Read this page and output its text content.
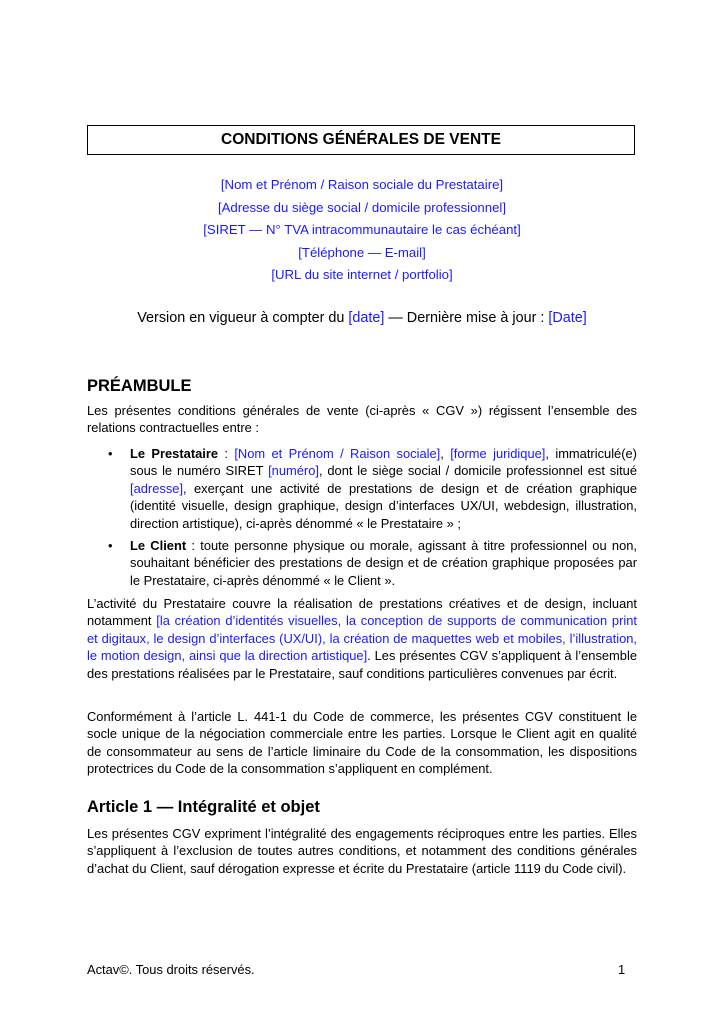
CONDITIONS GÉNÉRALES DE VENTE
[Nom et Prénom / Raison sociale du Prestataire]
[Adresse du siège social / domicile professionnel]
[SIRET — N° TVA intracommunautaire le cas échéant]
[Téléphone — E-mail]
[URL du site internet / portfolio]
Version en vigueur à compter du [date] — Dernière mise à jour : [Date]
PRÉAMBULE
Les présentes conditions générales de vente (ci-après « CGV ») régissent l’ensemble des relations contractuelles entre :
• Le Prestataire : [Nom et Prénom / Raison sociale], [forme juridique], immatriculé(e) sous le numéro SIRET [numéro], dont le siège social / domicile professionnel est situé [adresse], exerçant une activité de prestations de design et de création graphique (identité visuelle, design graphique, design d’interfaces UX/UI, webdesign, illustration, direction artistique), ci-après dénommé « le Prestataire » ;
• Le Client : toute personne physique ou morale, agissant à titre professionnel ou non, souhaitant bénéficier des prestations de design et de création graphique proposées par le Prestataire, ci-après dénommé « le Client ».
L’activité du Prestataire couvre la réalisation de prestations créatives et de design, incluant notamment [la création d’identités visuelles, la conception de supports de communication print et digitaux, le design d’interfaces (UX/UI), la création de maquettes web et mobiles, l’illustration, le motion design, ainsi que la direction artistique]. Les présentes CGV s’appliquent à l’ensemble des prestations réalisées par le Prestataire, sauf conditions particulières convenues par écrit.
Conformément à l’article L. 441-1 du Code de commerce, les présentes CGV constituent le socle unique de la négociation commerciale entre les parties. Lorsque le Client agit en qualité de consommateur au sens de l’article liminaire du Code de la consommation, les dispositions protectrices du Code de la consommation s’appliquent en complément.
Article 1 — Intégralité et objet
Les présentes CGV expriment l’intégralité des engagements réciproques entre les parties. Elles s’appliquent à l’exclusion de toutes autres conditions, et notamment des conditions générales d’achat du Client, sauf dérogation expresse et écrite du Prestataire (article 1119 du Code civil).
Actav©. Tous droits réservés.	1
